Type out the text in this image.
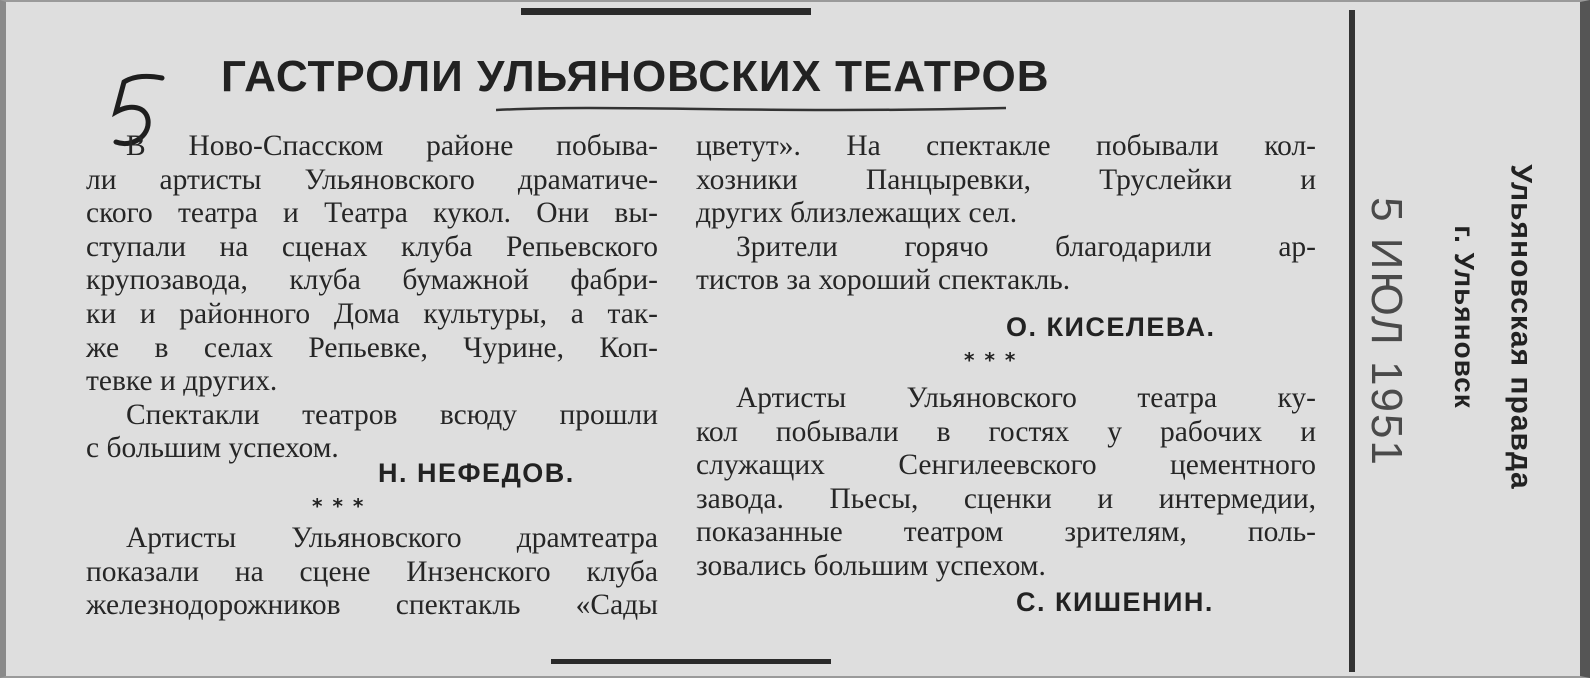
ГАСТРОЛИ УЛЬЯНОВСКИХ ТЕАТРОВ

В Ново-Спасском районе побыва-

ли артисты Ульяновского драматиче-

ского театра и Театра кукол. Они вы-

ступали на сценах клуба Репьевского

крупозавода, клуба бумажной фабри-

ки и районного Дома культуры, а так-

же в селах Репьевке, Чурине, Коп-

тевке и других.

Спектакли театров всюду прошли

с большим успехом.

Н. НЕФЕДОВ.
***

Артисты Ульяновского драмтеатра

показали на сцене Инзенского клуба

железнодорожников спектакль «Сады

цветут». На спектакле побывали кол-

хозники Панцыревки, Труслейки и

других близлежащих сел.

Зрители горячо благодарили ар-

тистов за хороший спектакль.

О. КИСЕЛЕВА.
***

Артисты Ульяновского театра ку-

кол побывали в гостях у рабочих и

служащих Сенгилеевского цементного

завода. Пьесы, сценки и интермедии,

показанные театром зрителям, поль-

зовались большим успехом.

С. КИШЕНИН.
5 ИЮЛ 1951	Ульяновская правда
г. Ульяновск
